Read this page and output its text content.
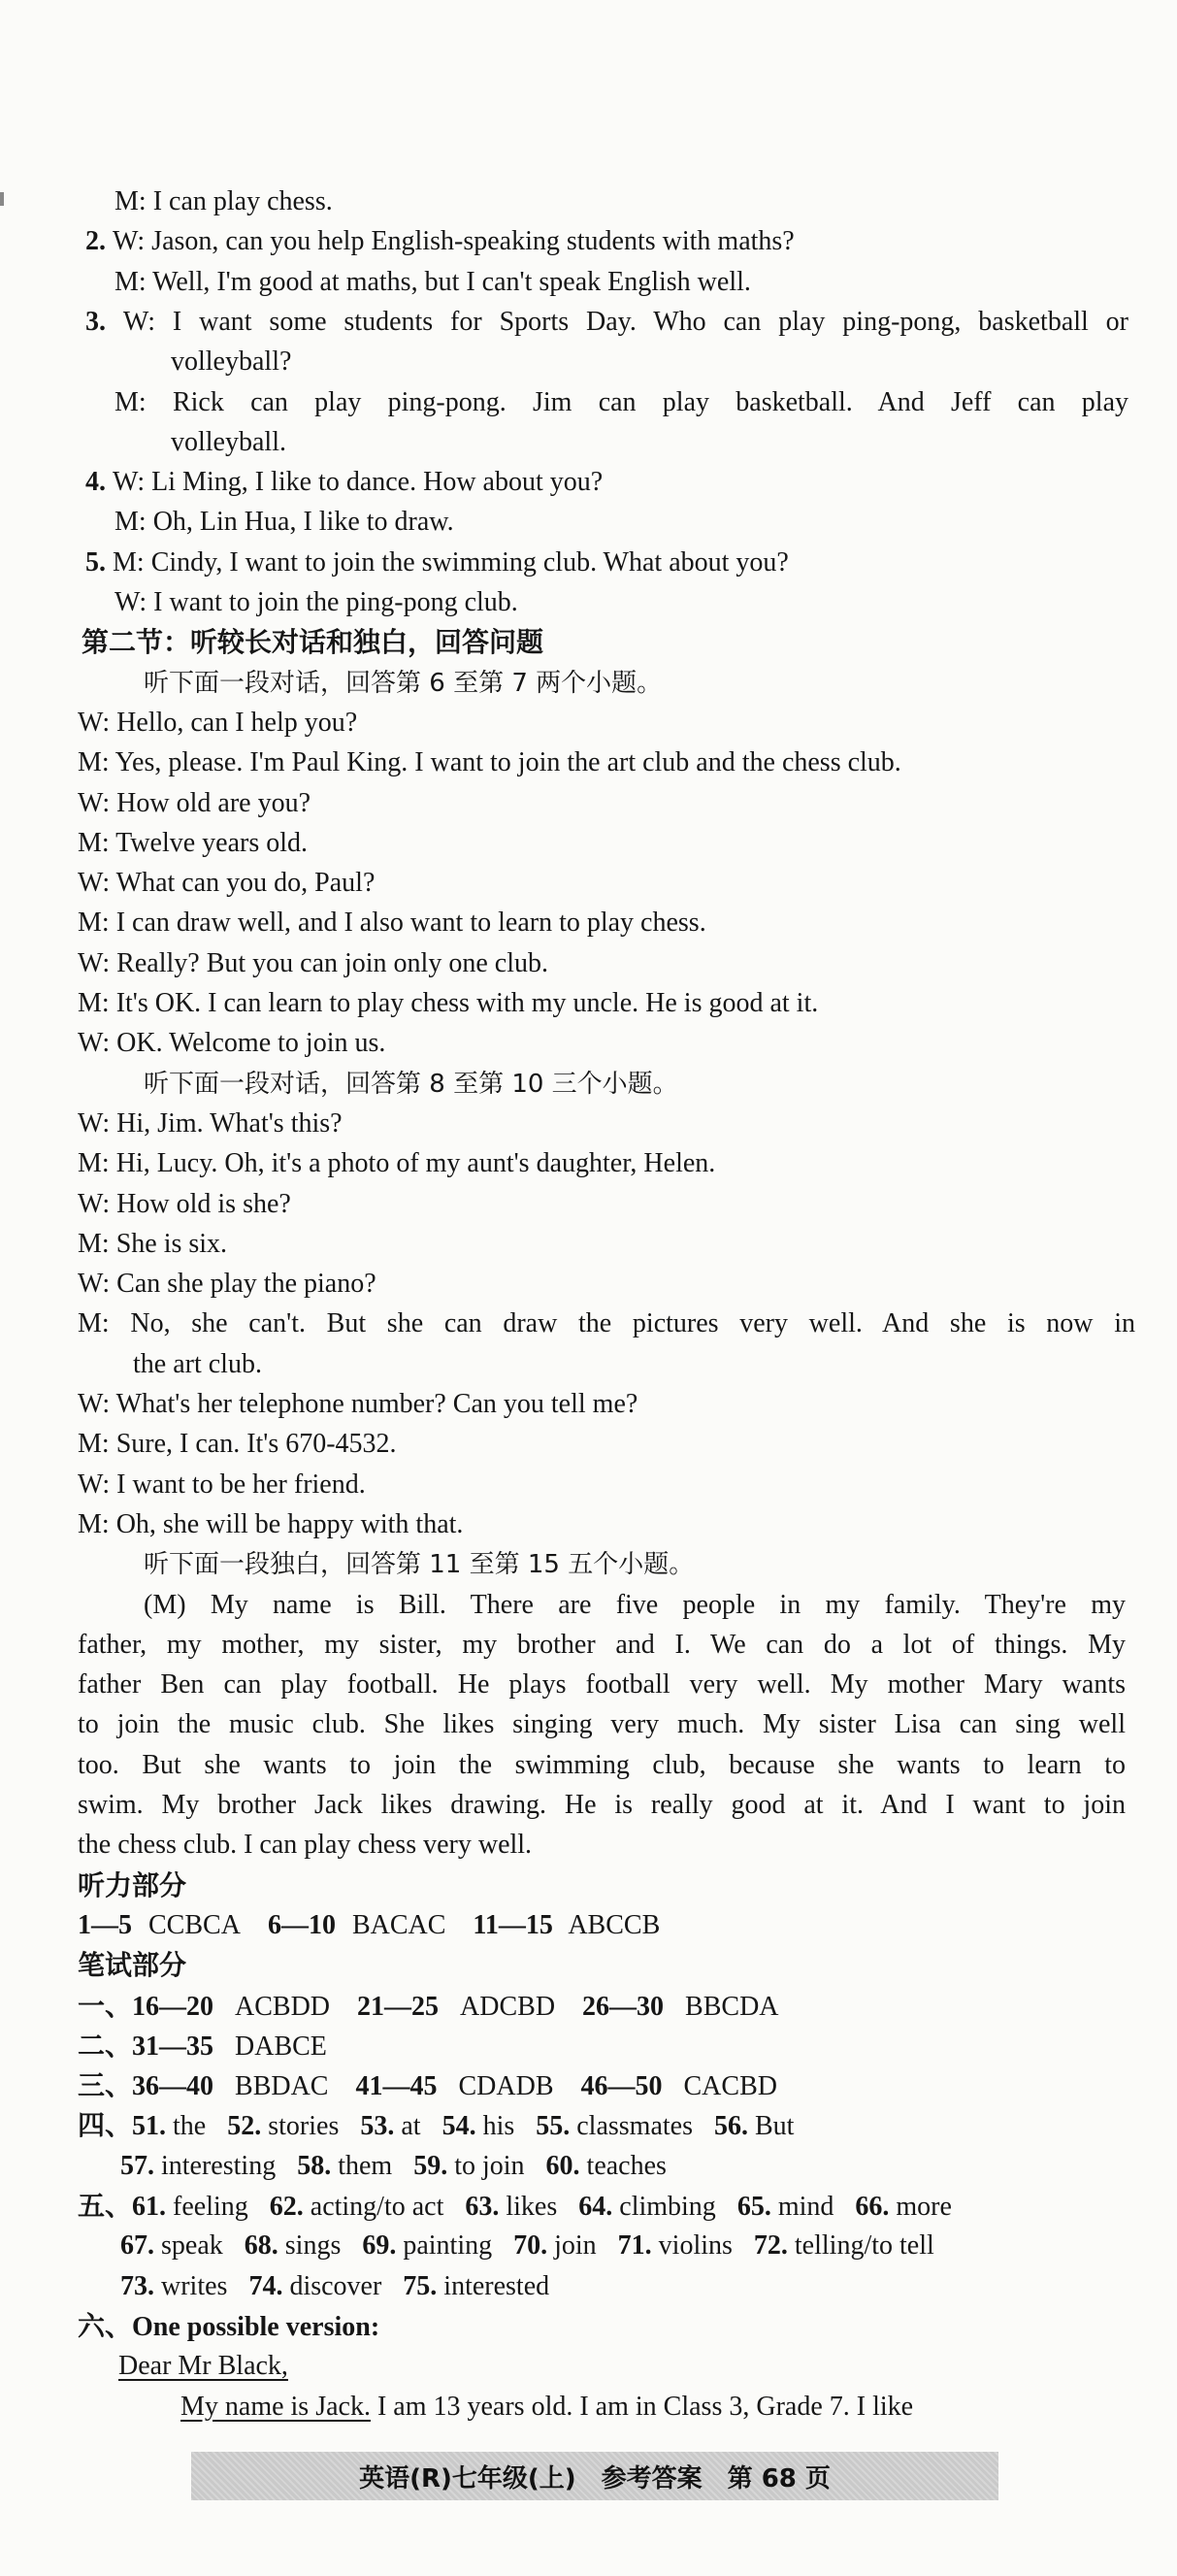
M: I can play chess.
2. W: Jason, can you help English-speaking students with maths?
M: Well, I'm good at maths, but I can't speak English well.
3. W: I want some students for Sports Day. Who can play ping-pong, basketball or
volleyball?
M: Rick can play ping-pong. Jim can play basketball. And Jeff can play
volleyball.
4. W: Li Ming, I like to dance. How about you?
M: Oh, Lin Hua, I like to draw.
5. M: Cindy, I want to join the swimming club. What about you?
W: I want to join the ping-pong club.
第二节：听较长对话和独白，回答问题
听下面一段对话，回答第 6 至第 7 两个小题。
W: Hello, can I help you?
M: Yes, please. I'm Paul King. I want to join the art club and the chess club.
W: How old are you?
M: Twelve years old.
W: What can you do, Paul?
M: I can draw well, and I also want to learn to play chess.
W: Really? But you can join only one club.
M: It's OK. I can learn to play chess with my uncle. He is good at it.
W: OK. Welcome to join us.
听下面一段对话，回答第 8 至第 10 三个小题。
W: Hi, Jim. What's this?
M: Hi, Lucy. Oh, it's a photo of my aunt's daughter, Helen.
W: How old is she?
M: She is six.
W: Can she play the piano?
M: No, she can't. But she can draw the pictures very well. And she is now in
the art club.
W: What's her telephone number? Can you tell me?
M: Sure, I can. It's 670-4532.
W: I want to be her friend.
M: Oh, she will be happy with that.
听下面一段独白，回答第 11 至第 15 五个小题。
(M) My name is Bill. There are five people in my family. They're my
father, my mother, my sister, my brother and I. We can do a lot of things. My
father Ben can play football. He plays football very well. My mother Mary wants
to join the music club. She likes singing very much. My sister Lisa can sing well
too. But she wants to join the swimming club, because she wants to learn to
swim. My brother Jack likes drawing. He is really good at it. And I want to join
the chess club. I can play chess very well.
听力部分
1—5 CCBCA 6—10 BACAC 11—15 ABCCB
笔试部分
一、16—20 ACBDD 21—25 ADCBD 26—30 BBCDA
二、31—35 DABCE
三、36—40 BBDAC 41—45 CDADB 46—50 CACBD
四、51. the 52. stories 53. at 54. his 55. classmates 56. But
57. interesting 58. them 59. to join 60. teaches
五、61. feeling 62. acting/to act 63. likes 64. climbing 65. mind 66. more
67. speak 68. sings 69. painting 70. join 71. violins 72. telling/to tell
73. writes 74. discover 75. interested
六、One possible version:
Dear Mr Black,
My name is Jack. I am 13 years old. I am in Class 3, Grade 7. I like
英语(R)七年级(上) 参考答案 第 68 页
